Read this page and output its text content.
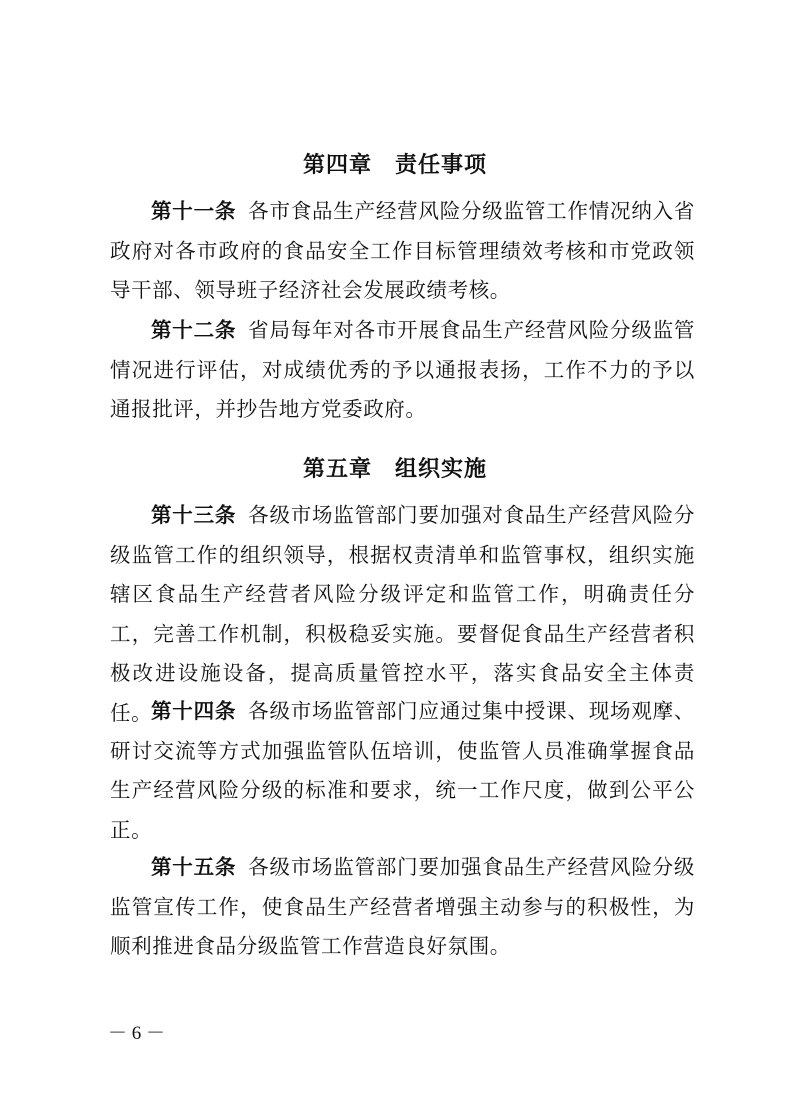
第四章　责任事项

第十一条 各市食品生产经营风险分级监管工作情况纳入省政府对各市政府的食品安全工作目标管理绩效考核和市党政领导干部、领导班子经济社会发展政绩考核。

第十二条 省局每年对各市开展食品生产经营风险分级监管情况进行评估，对成绩优秀的予以通报表扬，工作不力的予以通报批评，并抄告地方党委政府。

第五章　组织实施

第十三条 各级市场监管部门要加强对食品生产经营风险分级监管工作的组织领导，根据权责清单和监管事权，组织实施辖区食品生产经营者风险分级评定和监管工作，明确责任分工，完善工作机制，积极稳妥实施。要督促食品生产经营者积极改进设施设备，提高质量管控水平，落实食品安全主体责任。

第十四条 各级市场监管部门应通过集中授课、现场观摩、研讨交流等方式加强监管队伍培训，使监管人员准确掌握食品生产经营风险分级的标准和要求，统一工作尺度，做到公平公正。

第十五条 各级市场监管部门要加强食品生产经营风险分级监管宣传工作，使食品生产经营者增强主动参与的积极性，为顺利推进食品分级监管工作营造良好氛围。

－ 6 －
